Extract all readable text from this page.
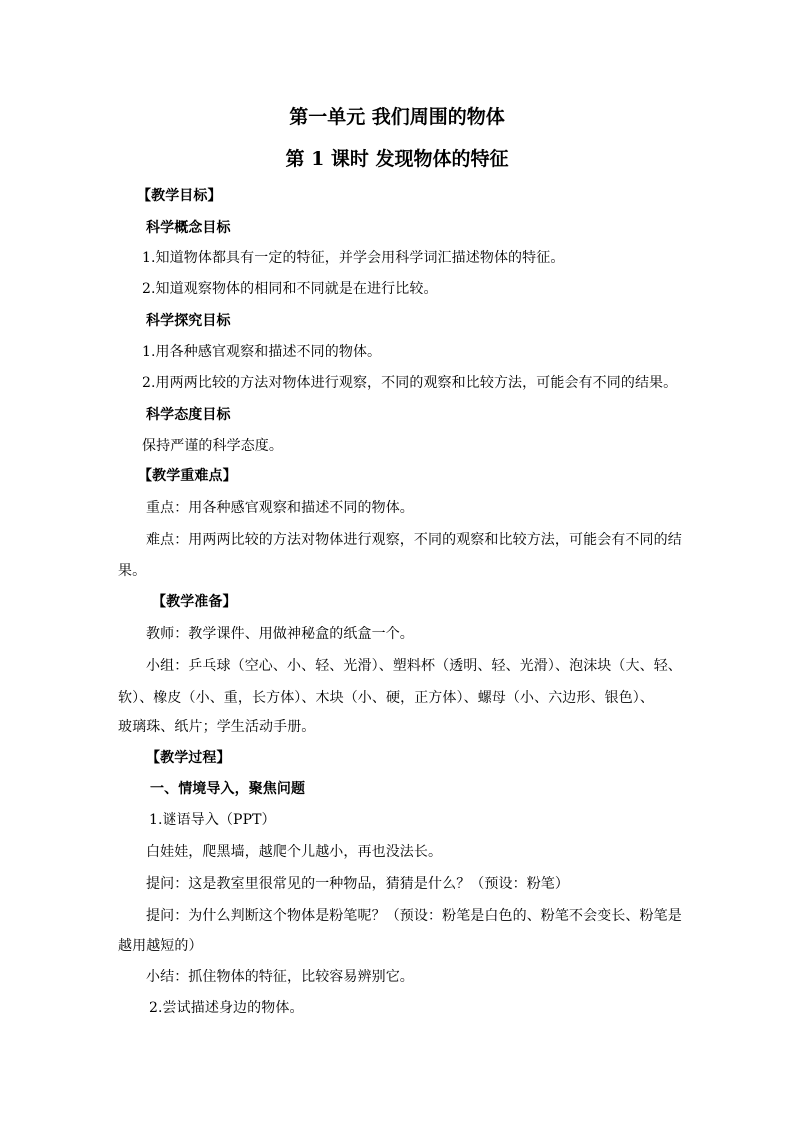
第一单元 我们周围的物体
第 1 课时 发现物体的特征
【教学目标】
科学概念目标
1.知道物体都具有一定的特征，并学会用科学词汇描述物体的特征。
2.知道观察物体的相同和不同就是在进行比较。
科学探究目标
1.用各种感官观察和描述不同的物体。
2.用两两比较的方法对物体进行观察，不同的观察和比较方法，可能会有不同的结果。
科学态度目标
保持严谨的科学态度。
【教学重难点】
重点：用各种感官观察和描述不同的物体。
难点：用两两比较的方法对物体进行观察，不同的观察和比较方法，可能会有不同的结
果。
【教学准备】
教师：教学课件、用做神秘盒的纸盒一个。
小组：乒乓球（空心、小、轻、光滑）、塑料杯（透明、轻、光滑）、泡沫块（大、轻、
软）、橡皮（小、重，长方体）、木块（小、硬，正方体）、螺母（小、六边形、银色）、
玻璃珠、纸片；学生活动手册。
【教学过程】
一、情境导入，聚焦问题
1.谜语导入（PPT）
白娃娃，爬黑墙，越爬个儿越小，再也没法长。
提问：这是教室里很常见的一种物品，猜猜是什么？（预设：粉笔）
提问：为什么判断这个物体是粉笔呢？（预设：粉笔是白色的、粉笔不会变长、粉笔是
越用越短的）
小结：抓住物体的特征，比较容易辨别它。
2.尝试描述身边的物体。
